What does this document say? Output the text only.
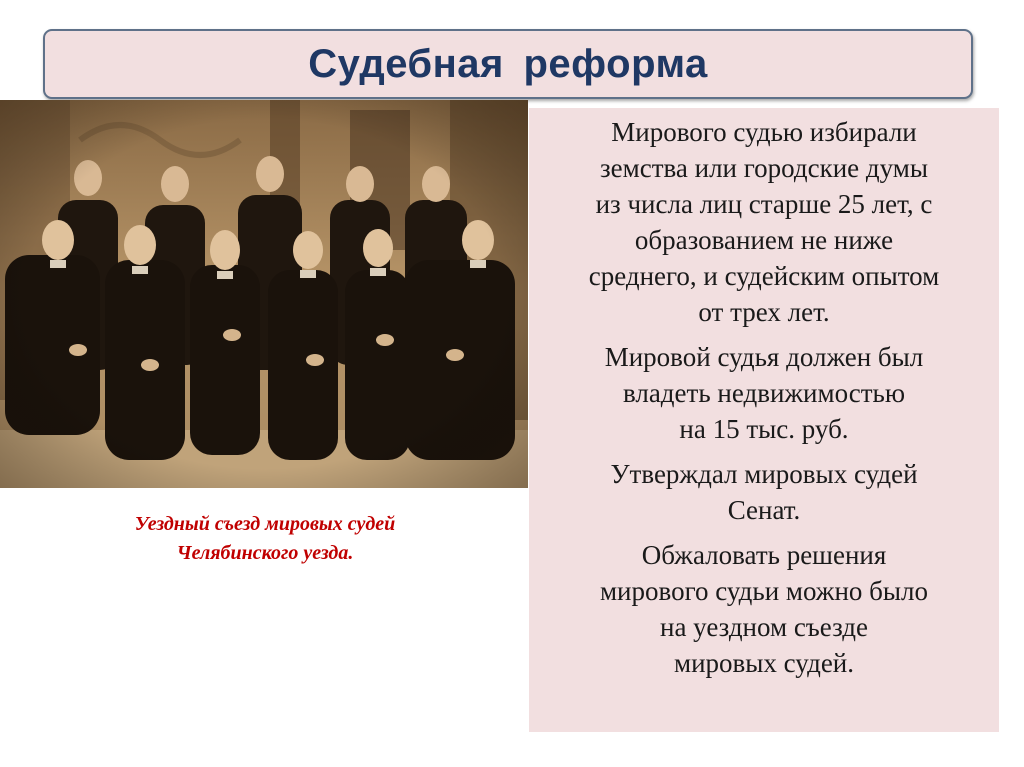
Судебная реформа
Уездный съезд мировых судей
Челябинского уезда.

Мирового судью избирали
земства или городские думы
из числа лиц старше 25 лет, с
образованием не ниже
среднего, и судейским опытом
от трех лет.

Мировой судья должен был
владеть недвижимостью
на 15 тыс. руб.

Утверждал мировых судей
Сенат.

Обжаловать решения
мирового судьи можно было
на уездном съезде
мировых судей.
